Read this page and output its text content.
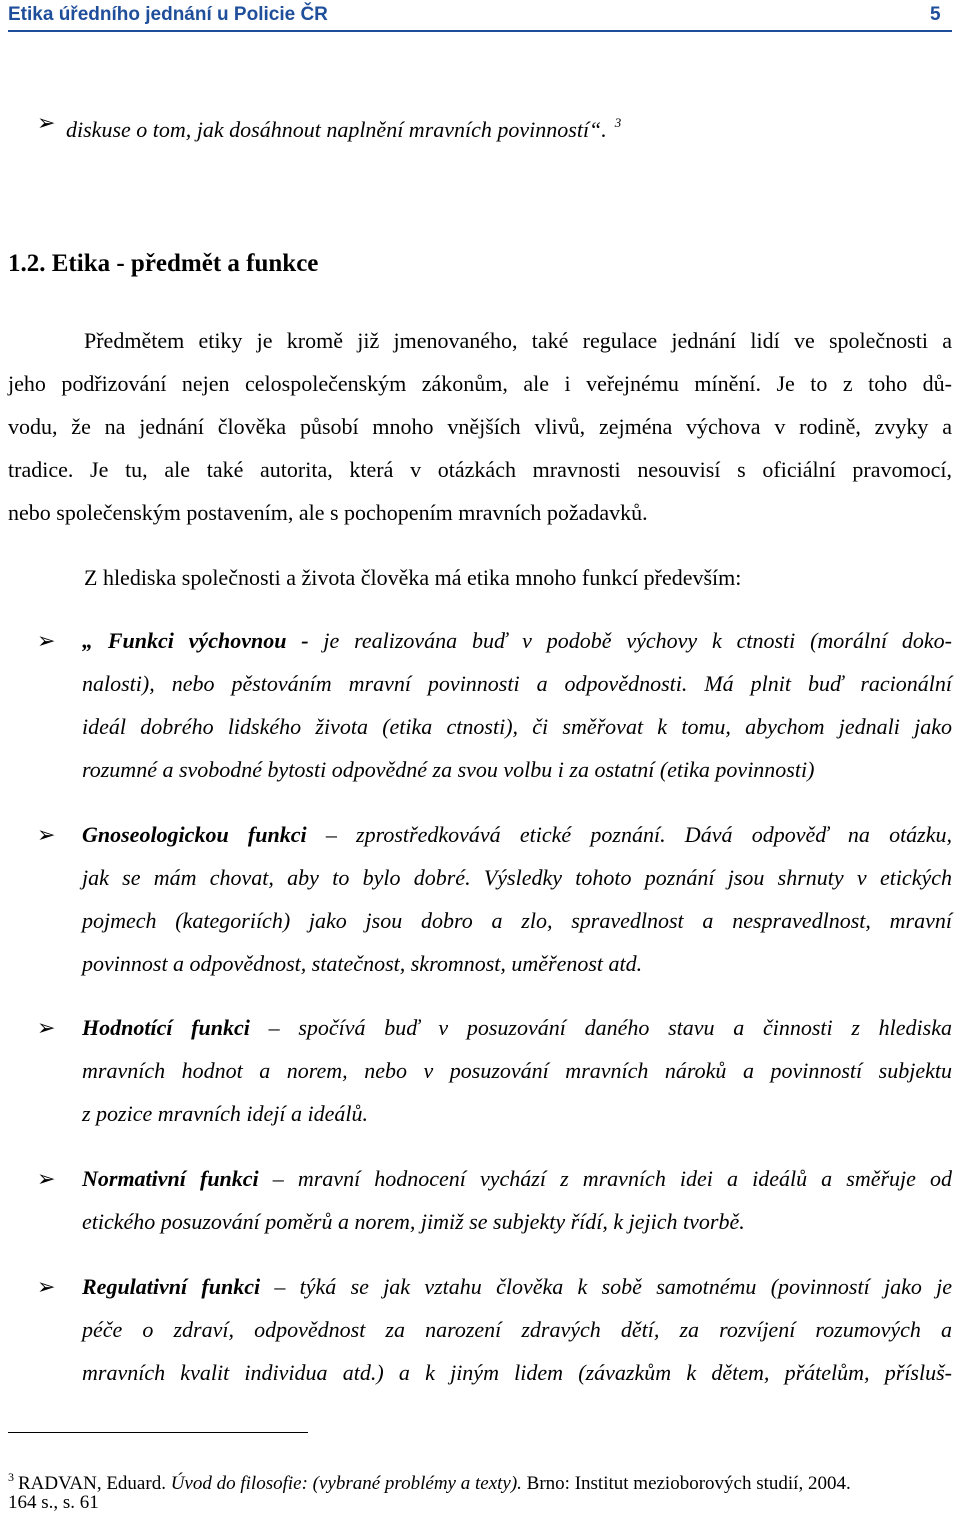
Etika úředního jednání u Policie ČR	5
➢ diskuse o tom, jak dosáhnout naplnění mravních povinností“. $^3$
1.2. Etika - předmět a funkce
Předmětem etiky je kromě již jmenovaného, také regulace jednání lidí ve společnosti a
jeho podřizování nejen celospolečenským zákonům, ale i veřejnému mínění. Je to z toho dů-
vodu, že na jednání člověka působí mnoho vnějších vlivů, zejména výchova v rodině, zvyky a
tradice. Je tu, ale také autorita, která v otázkách mravnosti nesouvisí s oficiální pravomocí,
nebo společenským postavením, ale s pochopením mravních požadavků.
Z hlediska společnosti a života člověka má etika mnoho funkcí především:
➢ „ Funkci výchovnou - je realizována buď v podobě výchovy k ctnosti (morální doko-
nalosti), nebo pěstováním mravní povinnosti a odpovědnosti. Má plnit buď racionální
ideál dobrého lidského života (etika ctnosti), či směřovat k tomu, abychom jednali jako
rozumné a svobodné bytosti odpovědné za svou volbu i za ostatní (etika povinnosti)
➢ Gnoseologickou funkci – zprostředkovává etické poznání. Dává odpověď na otázku,
jak se mám chovat, aby to bylo dobré. Výsledky tohoto poznání jsou shrnuty v etických
pojmech (kategoriích) jako jsou dobro a zlo, spravedlnost a nespravedlnost, mravní
povinnost a odpovědnost, statečnost, skromnost, uměřenost atd.
➢ Hodnotící funkci – spočívá buď v posuzování daného stavu a činnosti z hlediska
mravních hodnot a norem, nebo v posuzování mravních nároků a povinností subjektu
z pozice mravních idejí a ideálů.
➢ Normativní funkci – mravní hodnocení vychází z mravních idei a ideálů a směřuje od
etického posuzování poměrů a norem, jimiž se subjekty řídí, k jejich tvorbě.
➢ Regulativní funkci – týká se jak vztahu člověka k sobě samotnému (povinností jako je
péče o zdraví, odpovědnost za narození zdravých dětí, za rozvíjení rozumových a
mravních kvalit individua atd.) a k jiným lidem (závazkům k dětem, přátelům, přísluš-
$^3$ RADVAN, Eduard. Úvod do filosofie: (vybrané problémy a texty). Brno: Institut mezioborových studií, 2004.
164 s., s. 61
